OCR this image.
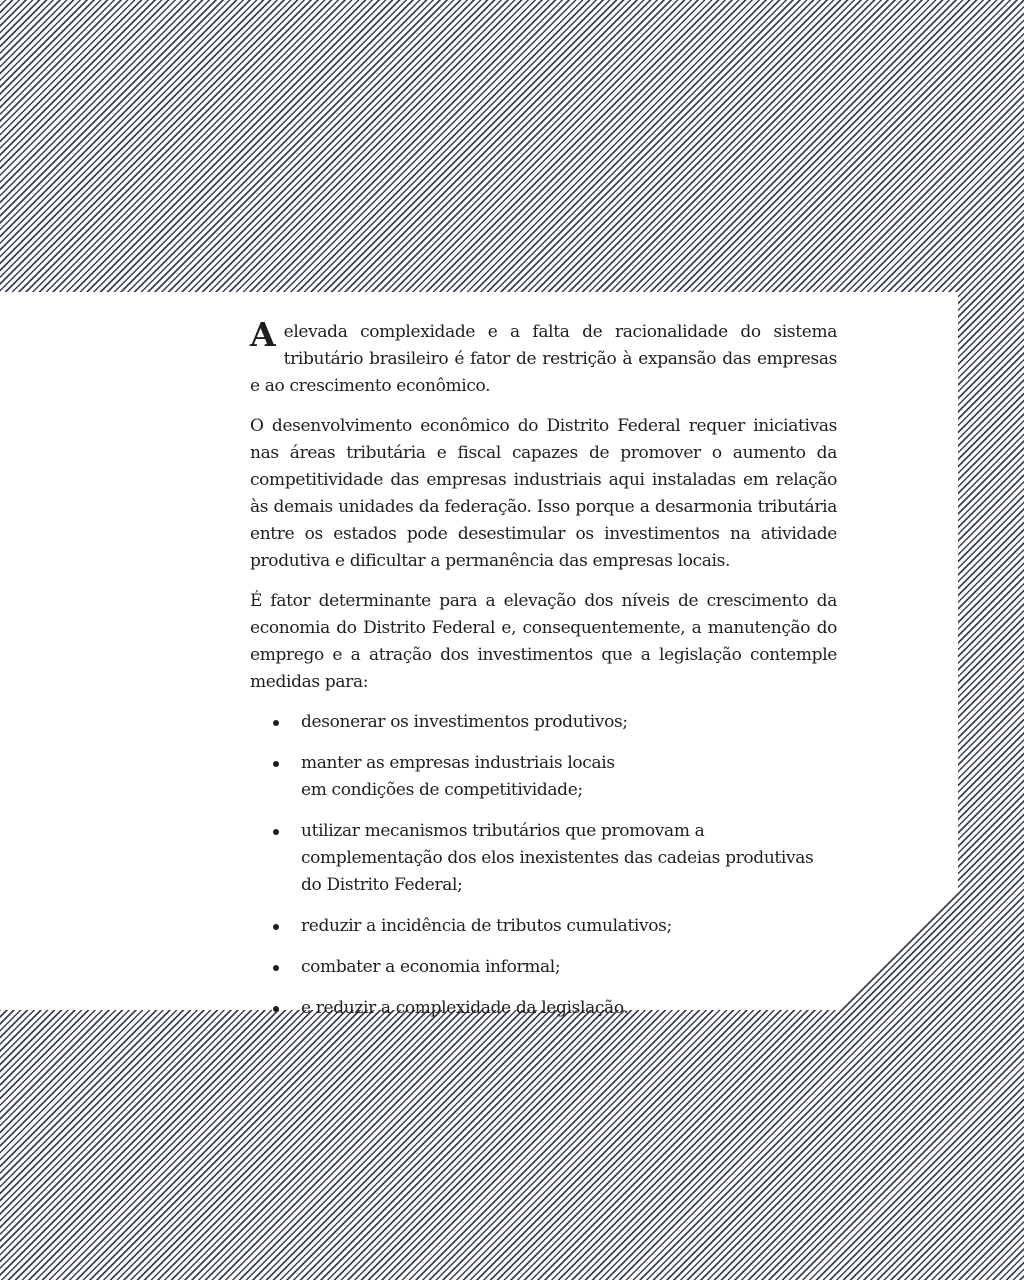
A elevada complexidade e a falta de racionalidade do sistema tributário brasileiro é fator de restrição à expansão das empresas e ao crescimento econômico.

O desenvolvimento econômico do Distrito Federal requer iniciativas nas áreas tributária e fiscal capazes de promover o aumento da competitividade das empresas industriais aqui instaladas em relação às demais unidades da federação. Isso porque a desarmonia tributária entre os estados pode desestimular os investimentos na atividade produtiva e dificultar a permanência das empresas locais.

É fator determinante para a elevação dos níveis de crescimento da economia do Distrito Federal e, consequentemente, a manutenção do emprego e a atração dos investimentos que a legislação contemple medidas para:

desonerar os investimentos produtivos;
manter as empresas industriais locais em condições de competitividade;
utilizar mecanismos tributários que promovam a complementação dos elos inexistentes das cadeias produtivas do Distrito Federal;
reduzir a incidência de tributos cumulativos;
combater a economia informal;
e reduzir a complexidade da legislação.
